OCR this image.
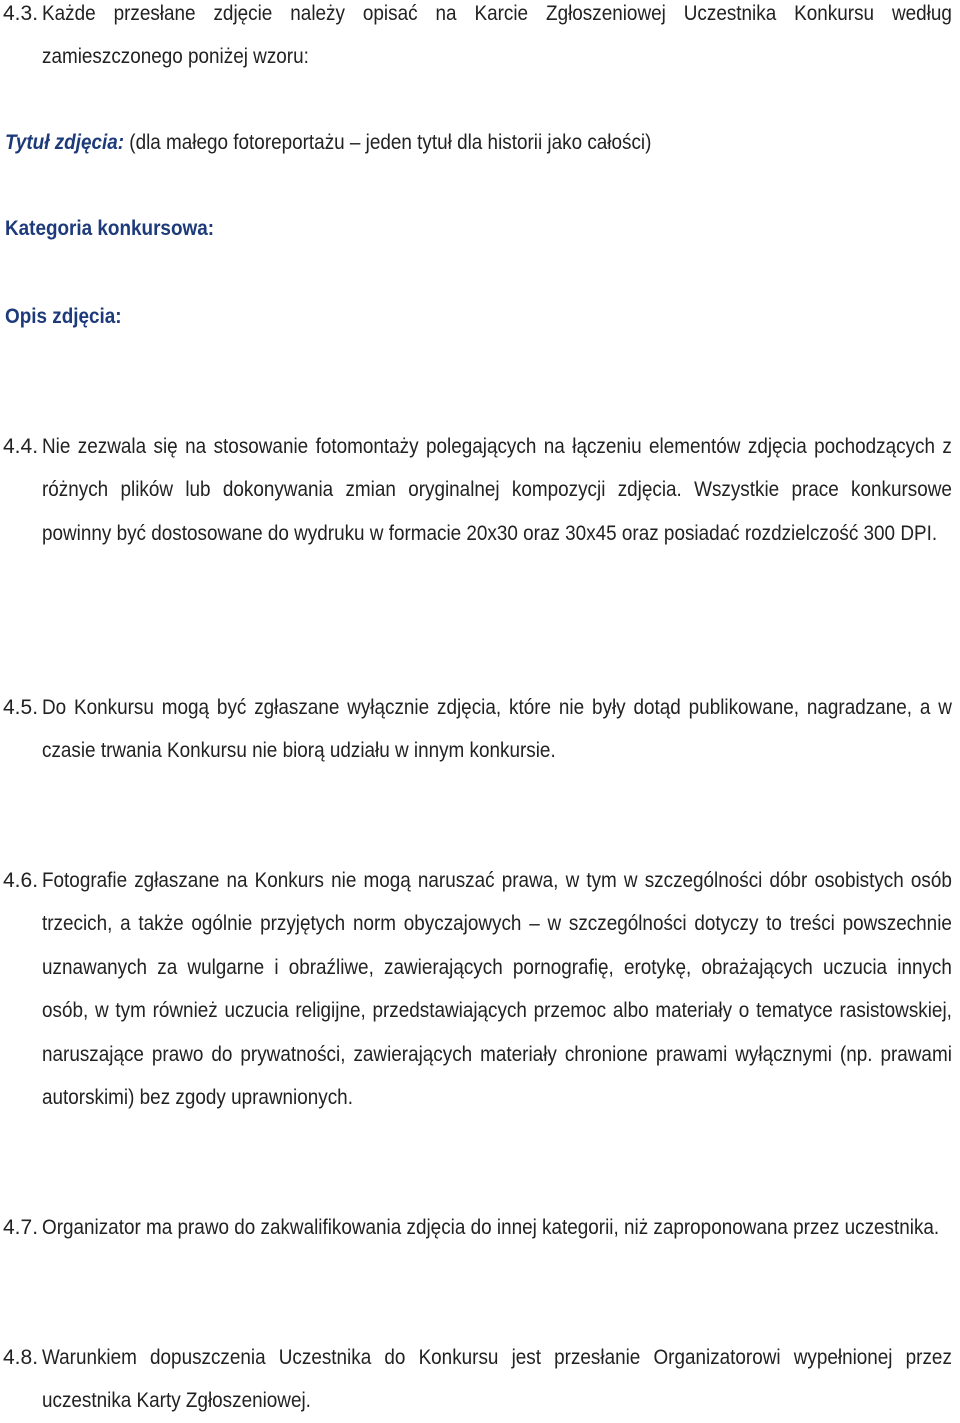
4.3. Każde przesłane zdjęcie należy opisać na Karcie Zgłoszeniowej Uczestnika Konkursu według zamieszczonego poniżej wzoru:
Tytuł zdjęcia: (dla małego fotoreportażu – jeden tytuł dla historii jako całości)
Kategoria konkursowa:
Opis zdjęcia:
4.4. Nie zezwala się na stosowanie fotomontaży polegających na łączeniu elementów zdjęcia pochodzących z różnych plików lub dokonywania zmian oryginalnej kompozycji zdjęcia. Wszystkie prace konkursowe powinny być dostosowane do wydruku w formacie 20x30 oraz 30x45 oraz posiadać rozdzielczość 300 DPI.
4.5. Do Konkursu mogą być zgłaszane wyłącznie zdjęcia, które nie były dotąd publikowane, nagradzane, a w czasie trwania Konkursu nie biorą udziału w innym konkursie.
4.6. Fotografie zgłaszane na Konkurs nie mogą naruszać prawa, w tym w szczególności dóbr osobistych osób trzecich, a także ogólnie przyjętych norm obyczajowych – w szczególności dotyczy to treści powszechnie uznawanych za wulgarne i obraźliwe, zawierających pornografię, erotykę, obrażających uczucia innych osób, w tym również uczucia religijne, przedstawiających przemoc albo materiały o tematyce rasistowskiej, naruszające prawo do prywatności, zawierających materiały chronione prawami wyłącznymi (np. prawami autorskimi) bez zgody uprawnionych.
4.7. Organizator ma prawo do zakwalifikowania zdjęcia do innej kategorii, niż zaproponowana przez uczestnika.
4.8. Warunkiem dopuszczenia Uczestnika do Konkursu jest przesłanie Organizatorowi wypełnionej przez uczestnika Karty Zgłoszeniowej.
